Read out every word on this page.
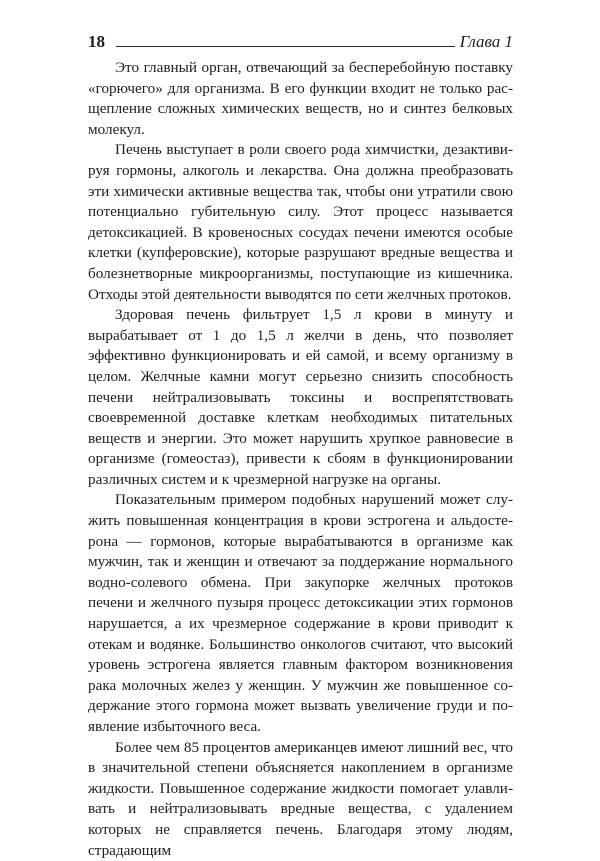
18	Глава 1

Это главный орган, отвечающий за бесперебойную поставку «горючего» для организма. В его функции входит не только расщепление сложных химических веществ, но и синтез белковых молекул.

Печень выступает в роли своего рода химчистки, дезактивируя гормоны, алкоголь и лекарства. Она должна преобразовать эти химически активные вещества так, чтобы они утратили свою потенциально губительную силу. Этот процесс называется детоксикацией. В кровеносных сосудах печени имеются особые клетки (купферовские), которые разрушают вредные вещества и болезнетворные микроорганизмы, поступающие из кишечника. Отходы этой деятельности выводятся по сети желчных протоков.

Здоровая печень фильтрует 1,5 л крови в минуту и вырабатывает от 1 до 1,5 л желчи в день, что позволяет эффективно функционировать и ей самой, и всему организму в целом. Желчные камни могут серьезно снизить способность печени нейтрализовывать токсины и воспрепятствовать своевременной доставке клеткам необходимых питательных веществ и энергии. Это может нарушить хрупкое равновесие в организме (гомеостаз), привести к сбоям в функционировании различных систем и к чрезмерной нагрузке на органы.

Показательным примером подобных нарушений может служить повышенная концентрация в крови эстрогена и альдостерона — гормонов, которые вырабатываются в организме как мужчин, так и женщин и отвечают за поддержание нормального водно-солевого обмена. При закупорке желчных протоков печени и желчного пузыря процесс детоксикации этих гормонов нарушается, а их чрезмерное содержание в крови приводит к отекам и водянке. Большинство онкологов считают, что высокий уровень эстрогена является главным фактором возникновения рака молочных желез у женщин. У мужчин же повышенное содержание этого гормона может вызвать увеличение груди и появление избыточного веса.

Более чем 85 процентов американцев имеют лишний вес, что в значительной степени объясняется накоплением в организме жидкости. Повышенное содержание жидкости помогает улавливать и нейтрализовывать вредные вещества, с удалением которых не справляется печень. Благодаря этому людям, страдающим
